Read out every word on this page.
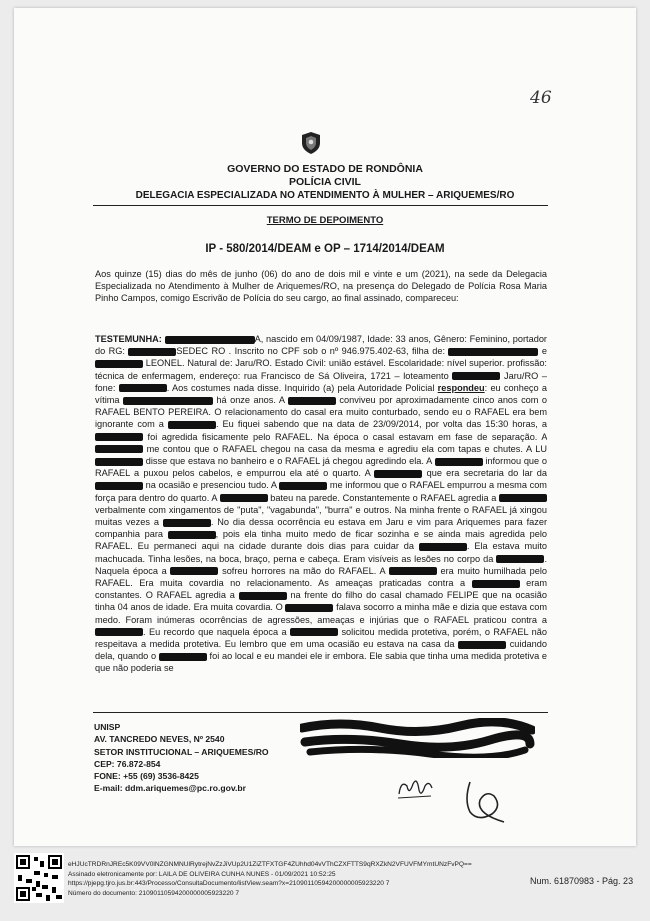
46
GOVERNO DO ESTADO DE RONDÔNIA
POLÍCIA CIVIL
DELEGACIA ESPECIALIZADA NO ATENDIMENTO À MULHER – ARIQUEMES/RO
TERMO DE DEPOIMENTO
IP - 580/2014/DEAM e OP – 1714/2014/DEAM
Aos quinze (15) dias do mês de junho (06) do ano de dois mil e vinte e um (2021), na sede da Delegacia Especializada no Atendimento à Mulher de Ariquemes/RO, na presença do Delegado de Polícia Rosa Maria Pinho Campos, comigo Escrivão de Polícia do seu cargo, ao final assinado, compareceu:
TESTEMUNHA:	A, nascido em 04/09/1987, Idade: 33 anos, Gênero: Feminino, portador do RG:	SEDEC RO . Inscrito no CPF sob o nº 946.975.402-63, filha de:	e  LEONEL. Natural de: Jaru/RO. Estado Civil: união estável. Escolaridade: nível superior. profissão: técnica de enfermagem, endereço: rua Francisco de Sá Oliveira, 1721 – loteamento	Jaru/RO – fone:	. Aos costumes nada disse. Inquirido (a) pela Autoridade Policial respondeu: eu conheço a vítima	há onze anos. A	conviveu por aproximadamente cinco anos com o RAFAEL BENTO PEREIRA. O relacionamento do casal era muito conturbado, sendo eu o RAFAEL era bem ignorante com a	. Eu fiquei sabendo que na data de 23/09/2014, por volta das 15:30 horas, a  foi agredida fisicamente pelo RAFAEL. Na época o casal estavam em fase de separação. A  me contou que o RAFAEL chegou na casa da mesma e agrediu ela com tapas e chutes. A LU  disse que estava no banheiro e o RAFAEL já chegou agredindo ela. A	informou que o RAFAEL a puxou pelos cabelos, e empurrou ela até o quarto. A	que era secretaria do lar da  na ocasião e presenciou tudo. A	me informou que o RAFAEL empurrou a mesma com força para dentro do quarto. A	bateu na parede. Constantemente o RAFAEL agredia a  verbalmente com xingamentos de "puta", "vagabunda", "burra" e outros. Na minha frente o RAFAEL já xingou muitas vezes a	. No dia dessa ocorrência eu estava em Jaru e vim para Ariquemes para fazer companhia para	, pois ela tinha muito medo de ficar sozinha e se ainda mais agredida pelo RAFAEL. Eu permaneci aqui na cidade durante dois dias para cuidar da	. Ela estava muito machucada. Tinha lesões, na boca, braço, perna e cabeça. Eram visíveis as lesões no corpo da	. Naquela época a	sofreu horrores na mão do RAFAEL. A	era muito humilhada pelo RAFAEL. Era muita covardia no relacionamento. As ameaças praticadas contra a	eram constantes. O RAFAEL agredia a	na frente do filho do casal chamado FELIPE que na ocasião tinha 04 anos de idade. Era muita covardia. O	falava socorro a minha mãe e dizia que estava com medo. Foram inúmeras ocorrências de agressões, ameaças e injúrias que o RAFAEL praticou contra a . Eu recordo que naquela época a	solicitou medida protetiva, porém, o RAFAEL não respeitava a medida protetiva. Eu lembro que em uma ocasião eu estava na casa da	cuidando dela, quando o	foi ao local e eu mandei ele ir embora. Ele sabia que tinha uma medida protetiva e que não poderia se
UNISP
AV. TANCREDO NEVES, Nº 2540
SETOR INSTITUCIONAL – ARIQUEMES/RO
CEP: 76.872-854
FONE: +55 (69) 3536-8425
E-mail: ddm.ariquemes@pc.ro.gov.br
eHJUcTRDRnJREc5K09VV0lNZGNMNUlRytrejNvZzJiVUp2U1ZiZTFXTGF4ZUhhd04vVThCZXFTTS9qRXZkN2VFUVFMYmtUNzFvPQ==
Assinado eletronicamente por: LAILA DE OLIVEIRA CUNHA NUNES - 01/09/2021 10:52:25
https://pjepg.tjro.jus.br:443/Processo/ConsultaDocumento/listView.seam?x=21090110594200000005923220 7
Número do documento: 21090110594200000005923220 7
Num. 61870983 - Pág. 23
